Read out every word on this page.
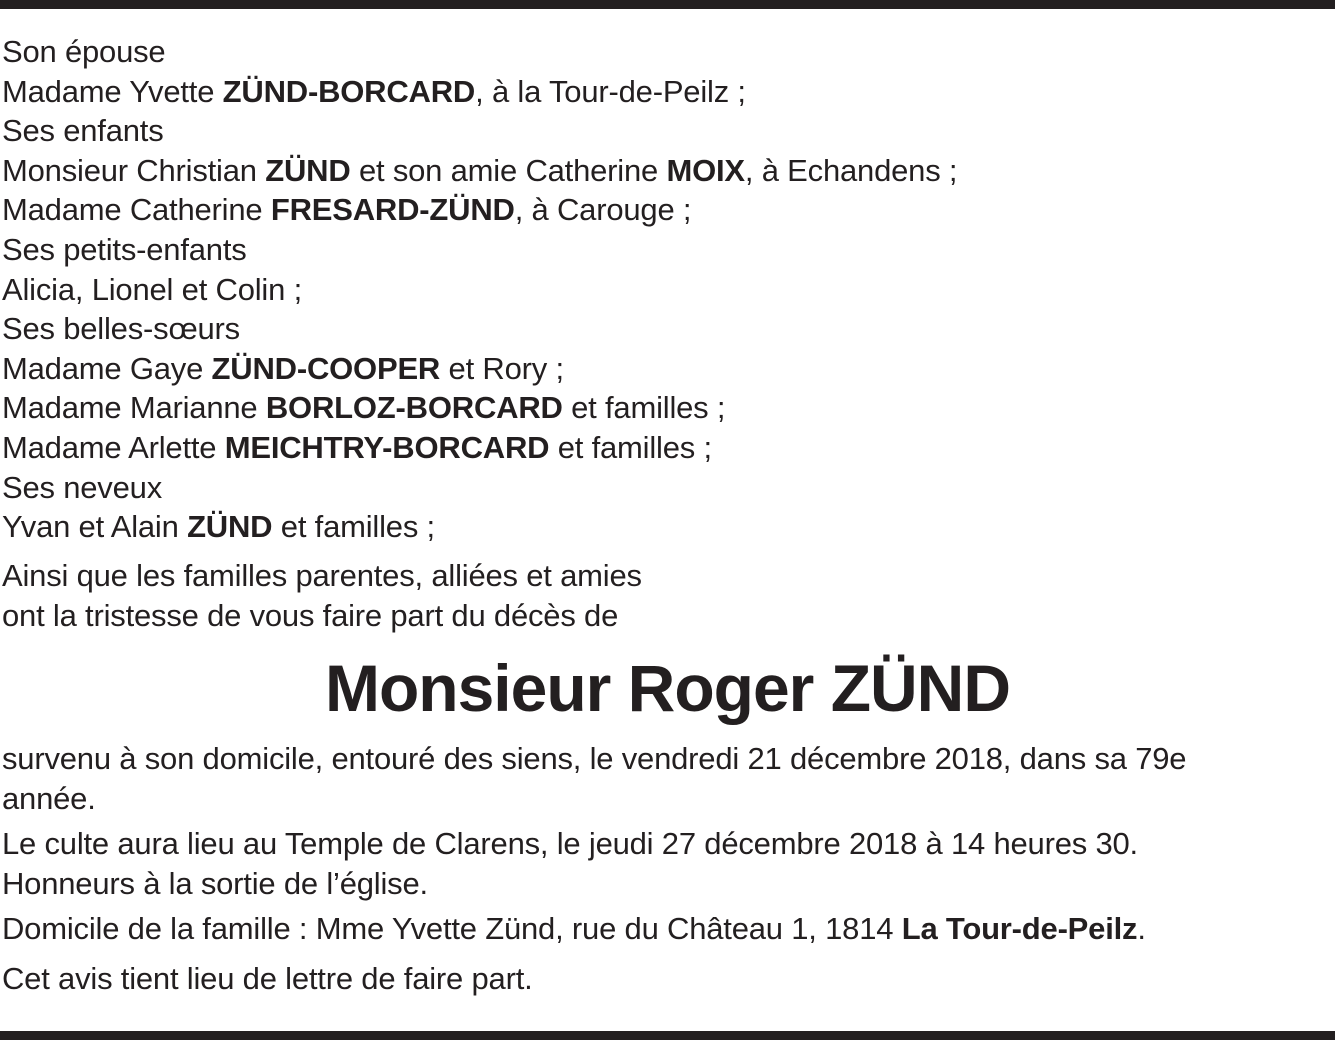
Son épouse
Madame Yvette ZÜND-BORCARD, à la Tour-de-Peilz ;
Ses enfants
Monsieur Christian ZÜND et son amie Catherine MOIX, à Echandens ;
Madame Catherine FRESARD-ZÜND, à Carouge ;
Ses petits-enfants
Alicia, Lionel et Colin ;
Ses belles-sœurs
Madame Gaye ZÜND-COOPER et Rory ;
Madame Marianne BORLOZ-BORCARD et familles ;
Madame Arlette MEICHTRY-BORCARD et familles ;
Ses neveux
Yvan et Alain ZÜND et familles ;
Ainsi que les familles parentes, alliées et amies
ont la tristesse de vous faire part du décès de
Monsieur Roger ZÜND
survenu à son domicile, entouré des siens, le vendredi 21 décembre 2018, dans sa 79e
année.
Le culte aura lieu au Temple de Clarens, le jeudi 27 décembre 2018 à 14 heures 30.
Honneurs à la sortie de l’église.
Domicile de la famille : Mme Yvette Zünd, rue du Château 1, 1814 La Tour-de-Peilz.
Cet avis tient lieu de lettre de faire part.
